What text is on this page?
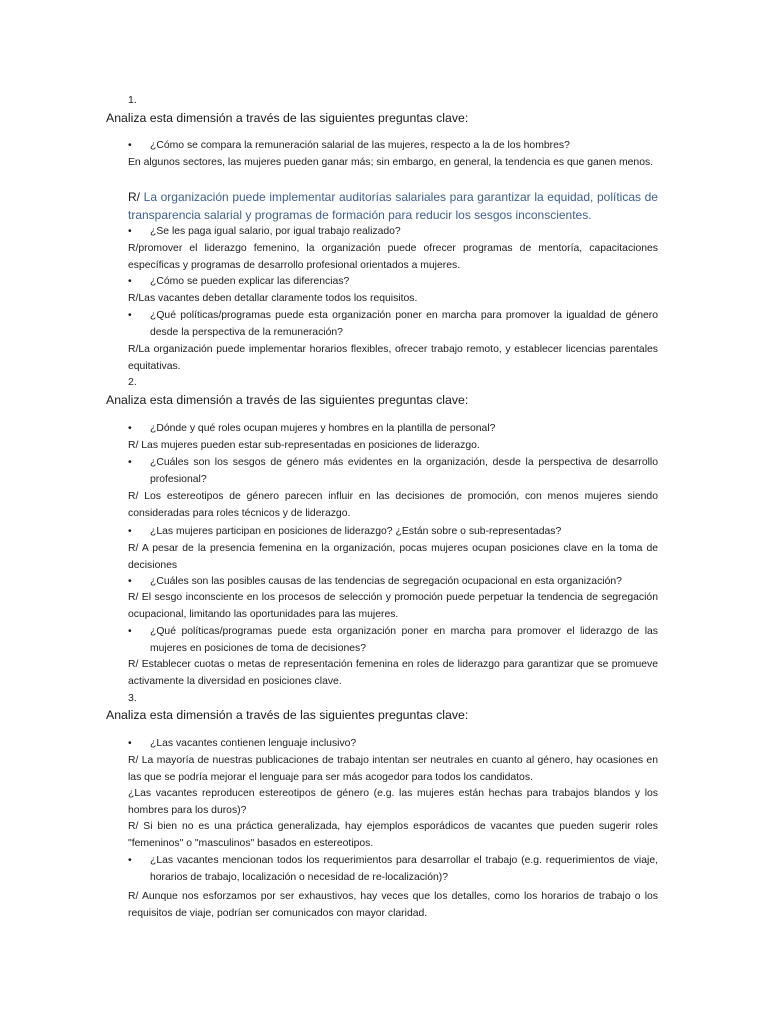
1.
Analiza esta dimensión a través de las siguientes preguntas clave:
•	¿Cómo se compara la remuneración salarial de las mujeres, respecto a la de los hombres?
En algunos sectores, las mujeres pueden ganar más; sin embargo, en general, la tendencia es que ganen menos.
R/ La organización puede implementar auditorías salariales para garantizar la equidad, políticas de transparencia salarial y programas de formación para reducir los sesgos inconscientes.
•	¿Se les paga igual salario, por igual trabajo realizado?
R/promover el liderazgo femenino, la organización puede ofrecer programas de mentoría, capacitaciones específicas y programas de desarrollo profesional orientados a mujeres.
•	¿Cómo se pueden explicar las diferencias?
R/Las vacantes deben detallar claramente todos los requisitos.
•	¿Qué políticas/programas puede esta organización poner en marcha para promover la igualdad de género desde la perspectiva de la remuneración?
R/La organización puede implementar horarios flexibles, ofrecer trabajo remoto, y establecer licencias parentales equitativas.
2.
Analiza esta dimensión a través de las siguientes preguntas clave:
•	¿Dónde y qué roles ocupan mujeres y hombres en la plantilla de personal?
R/ Las mujeres pueden estar sub-representadas en posiciones de liderazgo.
•	¿Cuáles son los sesgos de género más evidentes en la organización, desde la perspectiva de desarrollo profesional?
R/ Los estereotipos de género parecen influir en las decisiones de promoción, con menos mujeres siendo consideradas para roles técnicos y de liderazgo.
•	¿Las mujeres participan en posiciones de liderazgo? ¿Están sobre o sub-representadas?
R/ A pesar de la presencia femenina en la organización, pocas mujeres ocupan posiciones clave en la toma de decisiones
•	¿Cuáles son las posibles causas de las tendencias de segregación ocupacional en esta organización?
R/ El sesgo inconsciente en los procesos de selección y promoción puede perpetuar la tendencia de segregación ocupacional, limitando las oportunidades para las mujeres.
•	¿Qué políticas/programas puede esta organización poner en marcha para promover el liderazgo de las mujeres en posiciones de toma de decisiones?
R/ Establecer cuotas o metas de representación femenina en roles de liderazgo para garantizar que se promueve activamente la diversidad en posiciones clave.
3.
Analiza esta dimensión a través de las siguientes preguntas clave:
•	¿Las vacantes contienen lenguaje inclusivo?
R/ La mayoría de nuestras publicaciones de trabajo intentan ser neutrales en cuanto al género, hay ocasiones en las que se podría mejorar el lenguaje para ser más acogedor para todos los candidatos.
¿Las vacantes reproducen estereotipos de género (e.g. las mujeres están hechas para trabajos blandos y los hombres para los duros)?
R/ Si bien no es una práctica generalizada, hay ejemplos esporádicos de vacantes que pueden sugerir roles "femeninos" o "masculinos" basados en estereotipos.
•	¿Las vacantes mencionan todos los requerimientos para desarrollar el trabajo (e.g. requerimientos de viaje, horarios de trabajo, localización o necesidad de re-localización)?
R/ Aunque nos esforzamos por ser exhaustivos, hay veces que los detalles, como los horarios de trabajo o los requisitos de viaje, podrían ser comunicados con mayor claridad.
